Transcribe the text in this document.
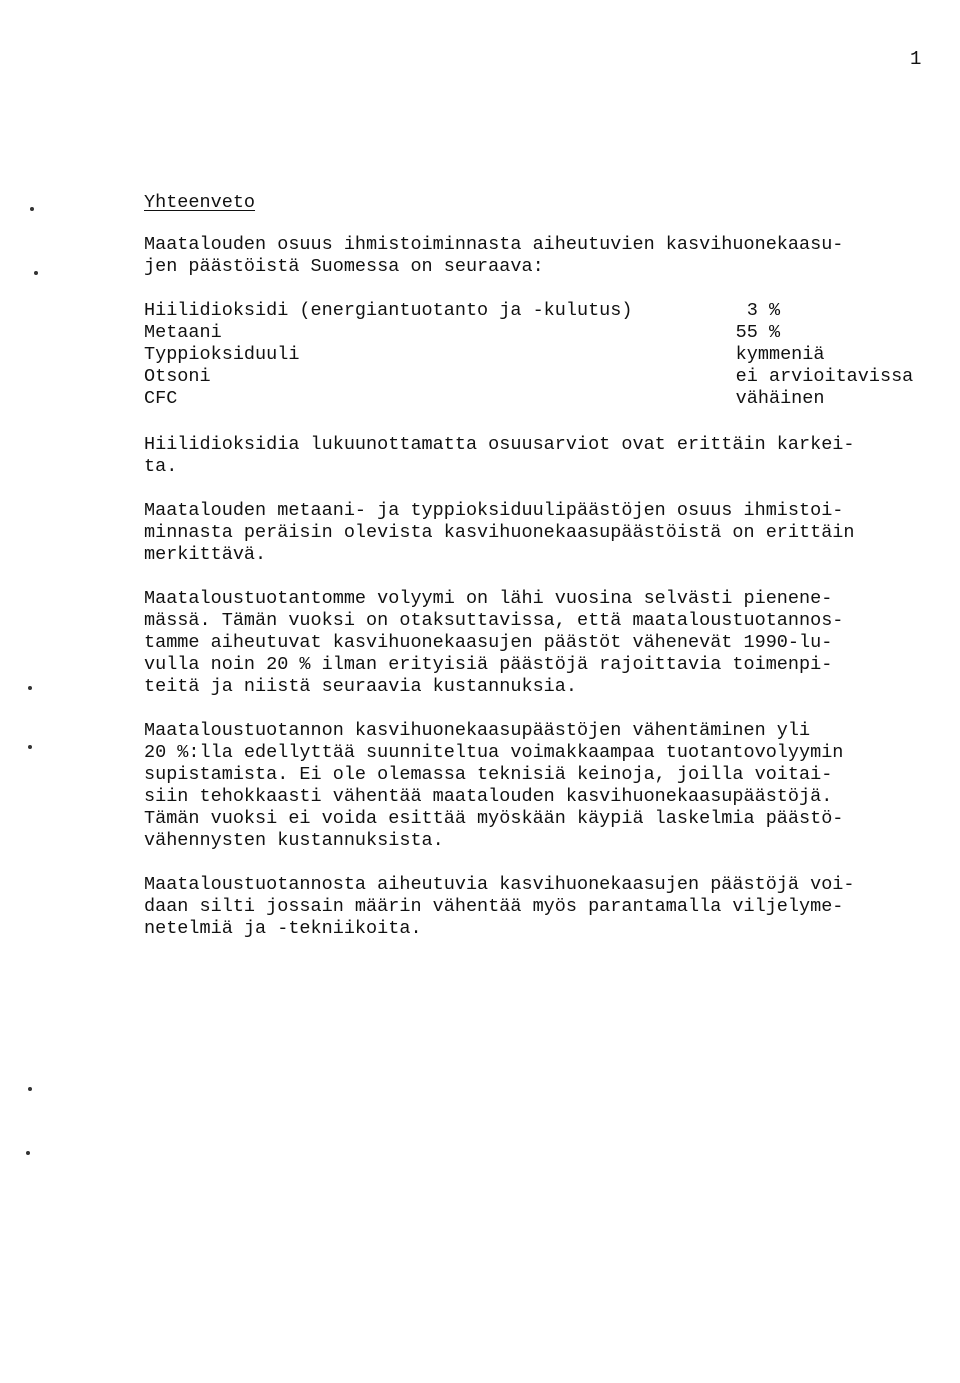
1
Yhteenveto

Maatalouden osuus ihmistoiminnasta aiheutuvien kasvihuonekaasu-
jen päästöistä Suomessa on seuraava:

Hiilidioksidi (energiantuotanto ja -kulutus)	3 %
Metaani	55 %
Typpioksiduuli	kymmeniä
Otsoni	ei arvioitavissa
CFC	vähäinen

Hiilidioksidia lukuunottamatta osuusarviot ovat erittäin karkei-
ta.

Maatalouden metaani- ja typpioksiduulipäästöjen osuus ihmistoi-
minnasta peräisin olevista kasvihuonekaasupäästöistä on erittäin
merkittävä.

Maataloustuotantomme volyymi on lähi vuosina selvästi pienene-
mässä. Tämän vuoksi on otaksuttavissa, että maataloustuotannos-
tamme aiheutuvat kasvihuonekaasujen päästöt vähenevät 1990-lu-
vulla noin 20 % ilman erityisiä päästöjä rajoittavia toimenpi-
teitä ja niistä seuraavia kustannuksia.

Maataloustuotannon kasvihuonekaasupäästöjen vähentäminen yli
20 %:lla edellyttää suunniteltua voimakkaampaa tuotantovolyymin
supistamista. Ei ole olemassa teknisiä keinoja, joilla voitai-
siin tehokkaasti vähentää maatalouden kasvihuonekaasupäästöjä.
Tämän vuoksi ei voida esittää myöskään käypiä laskelmia päästö-
vähennysten kustannuksista.

Maataloustuotannosta aiheutuvia kasvihuonekaasujen päästöjä voi-
daan silti jossain määrin vähentää myös parantamalla viljelyme-
netelmiä ja -tekniikoita.
